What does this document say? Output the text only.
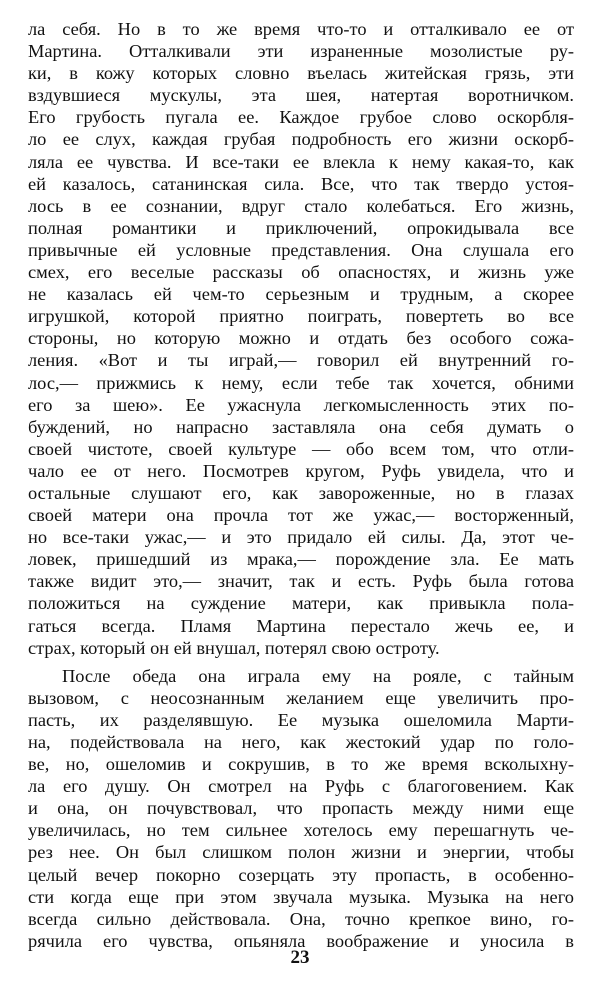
ла себя. Но в то же время что-то и отталкивало ее от
Мартина. Отталкивали эти израненные мозолистые ру-
ки, в кожу которых словно въелась житейская грязь, эти
вздувшиеся мускулы, эта шея, натертая воротничком.
Его грубость пугала ее. Каждое грубое слово оскорбля-
ло ее слух, каждая грубая подробность его жизни оскорб-
ляла ее чувства. И все-таки ее влекла к нему какая-то, как
ей казалось, сатанинская сила. Все, что так твердо устоя-
лось в ее сознании, вдруг стало колебаться. Его жизнь,
полная романтики и приключений, опрокидывала все
привычные ей условные представления. Она слушала его
смех, его веселые рассказы об опасностях, и жизнь уже
не казалась ей чем-то серьезным и трудным, а скорее
игрушкой, которой приятно поиграть, повертеть во все
стороны, но которую можно и отдать без особого сожа-
ления. «Вот и ты играй,— говорил ей внутренний го-
лос,— прижмись к нему, если тебе так хочется, обними
его за шею». Ее ужаснула легкомысленность этих по-
буждений, но напрасно заставляла она себя думать о
своей чистоте, своей культуре — обо всем том, что отли-
чало ее от него. Посмотрев кругом, Руфь увидела, что и
остальные слушают его, как завороженные, но в глазах
своей матери она прочла тот же ужас,— восторженный,
но все-таки ужас,— и это придало ей силы. Да, этот че-
ловек, пришедший из мрака,— порождение зла. Ее мать
также видит это,— значит, так и есть. Руфь была готова
положиться на суждение матери, как привыкла пола-
гаться всегда. Пламя Мартина перестало жечь ее, и
страх, который он ей внушал, потерял свою остроту.
После обеда она играла ему на рояле, с тайным
вызовом, с неосознанным желанием еще увеличить про-
пасть, их разделявшую. Ее музыка ошеломила Марти-
на, подействовала на него, как жестокий удар по голо-
ве, но, ошеломив и сокрушив, в то же время всколыхну-
ла его душу. Он смотрел на Руфь с благоговением. Как
и она, он почувствовал, что пропасть между ними еще
увеличилась, но тем сильнее хотелось ему перешагнуть че-
рез нее. Он был слишком полон жизни и энергии, чтобы
целый вечер покорно созерцать эту пропасть, в особенно-
сти когда еще при этом звучала музыка. Музыка на него
всегда сильно действовала. Она, точно крепкое вино, го-
рячила его чувства, опьяняла воображение и уносила в
23
